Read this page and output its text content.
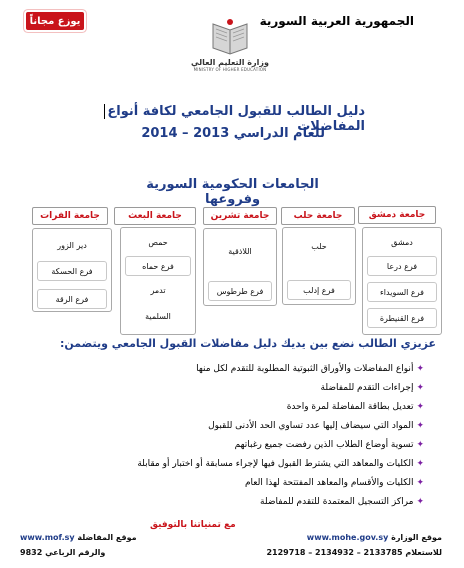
يوزع مجاناً	الجمهورية العربية السورية
وزارة التعليم العالي
MINISTRY OF HIGHER EDUCATION
دليل الطالب للقبول الجامعي لكافة أنواع المفاضلات
للعام الدراسي 2013 – 2014
الجامعات الحكومية السورية وفروعها
جامعة دمشق
جامعة حلب
جامعة تشرين
جامعة البعث
جامعة الفرات
دمشق
فرع درعا
فرع السويداء
فرع القنيطرة
حلب
فرع إدلب
اللاذقية
فرع طرطوس
حمص
فرع حماه
تدمر
السلمية
دير الزور
فرع الحسكة
فرع الرقة
عزيزي الطالب نضع بين يديك دليل مفاضلات القبول الجامعي ويتضمن:
✦
أنواع المفاضلات والأوراق الثبوتية المطلوبة للتقدم لكل منها
✦
إجراءات التقدم للمفاضلة
✦
تعديل بطاقة المفاضلة لمرة واحدة
✦
المواد التي سيضاف إليها عدد تساوي الحد الأدنى للقبول
✦
تسوية أوضاع الطلاب الذين رفضت جميع رغباتهم
✦
الكليات والمعاهد التي يشترط القبول فيها لإجراء مسابقة أو اختبار أو مقابلة
✦
الكليات والأقسام والمعاهد المفتتحة لهذا العام
✦
مراكز التسجيل المعتمدة للتقدم للمفاضلة
مع تمنياتنا بالتوفيق
موقع الوزارة www.mohe.gov.sy
موقع المفاضلة www.mof.sy
للاستعلام 2129718 – 2134932 – 2133785
والرقم الرباعي 9832
